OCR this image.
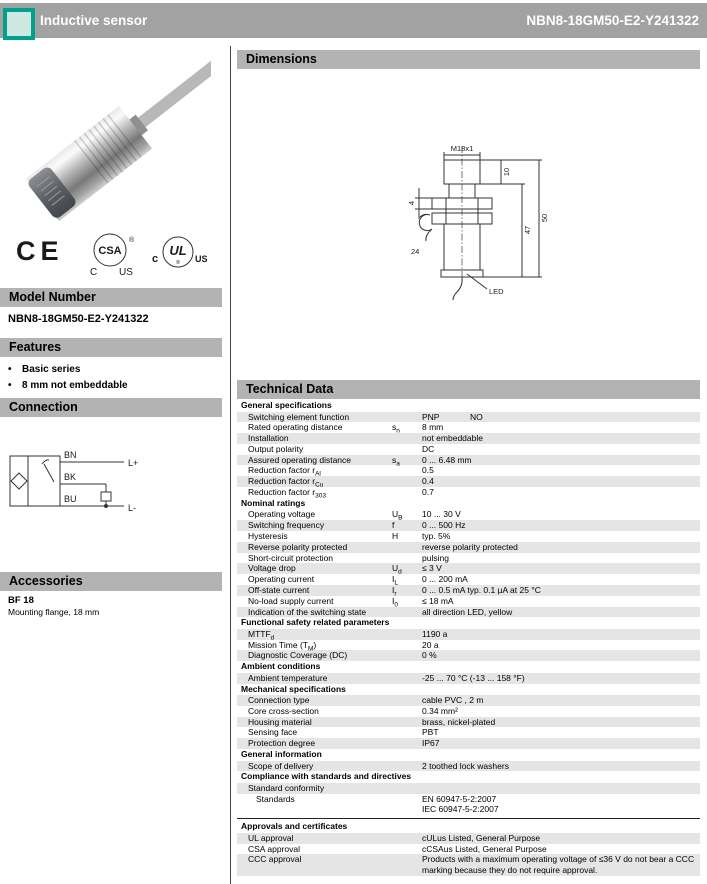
Inductive sensor	NBN8-18GM50-E2-Y241322
CE	CSA
®
C US
UL
®
c	US
Model Number
NBN8-18GM50-E2-Y241322
Features
• Basic series
• 8 mm not embeddable
Connection
BN
BK
BU
L+
L-
Accessories
BF 18
Mounting flange, 18 mm
Dimensions
M18x1
10
47
50
4
24
LED
Technical Data
General specifications
Switching element function	PNP	NO
Rated operating distance	$s_n$	8 mm
Installation	not embeddable
Output polarity	DC
Assured operating distance	$s_a$	0 ... 6.48 mm
Reduction factor $r_{Al}$	0.5
Reduction factor $r_{Cu}$	0.4
Reduction factor $r_{303}$	0.7
Nominal ratings
Operating voltage	$U_B$	10 ... 30 V
Switching frequency	f	0 ... 500 Hz
Hysteresis	H	typ. 5%
Reverse polarity protected	reverse polarity protected
Short-circuit protection	pulsing
Voltage drop	$U_d$	≤ 3 V
Operating current	$I_L$	0 ... 200 mA
Off-state current	$I_r$	0 ... 0.5 mA typ. 0.1 µA at 25 °C
No-load supply current	$I_0$	≤ 18 mA
Indication of the switching state	all direction LED, yellow
Functional safety related parameters
$MTTF_d$	1190 a
Mission Time $(T_M)$	20 a
Diagnostic Coverage (DC)	0 %
Ambient conditions
Ambient temperature	-25 ... 70 °C (-13 ... 158 °F)
Mechanical specifications
Connection type	cable PVC , 2 m
Core cross-section	0.34 mm²
Housing material	brass, nickel-plated
Sensing face	PBT
Protection degree	IP67
General information
Scope of delivery	2 toothed lock washers
Compliance with standards and directives
Standard conformity
Standards	EN 60947-5-2:2007
IEC 60947-5-2:2007
Approvals and certificates
UL approval	cULus Listed, General Purpose
CSA approval	cCSAus Listed, General Purpose
CCC approval	Products with a maximum operating voltage of ≤36 V do not bear a CCC marking because they do not require approval.
